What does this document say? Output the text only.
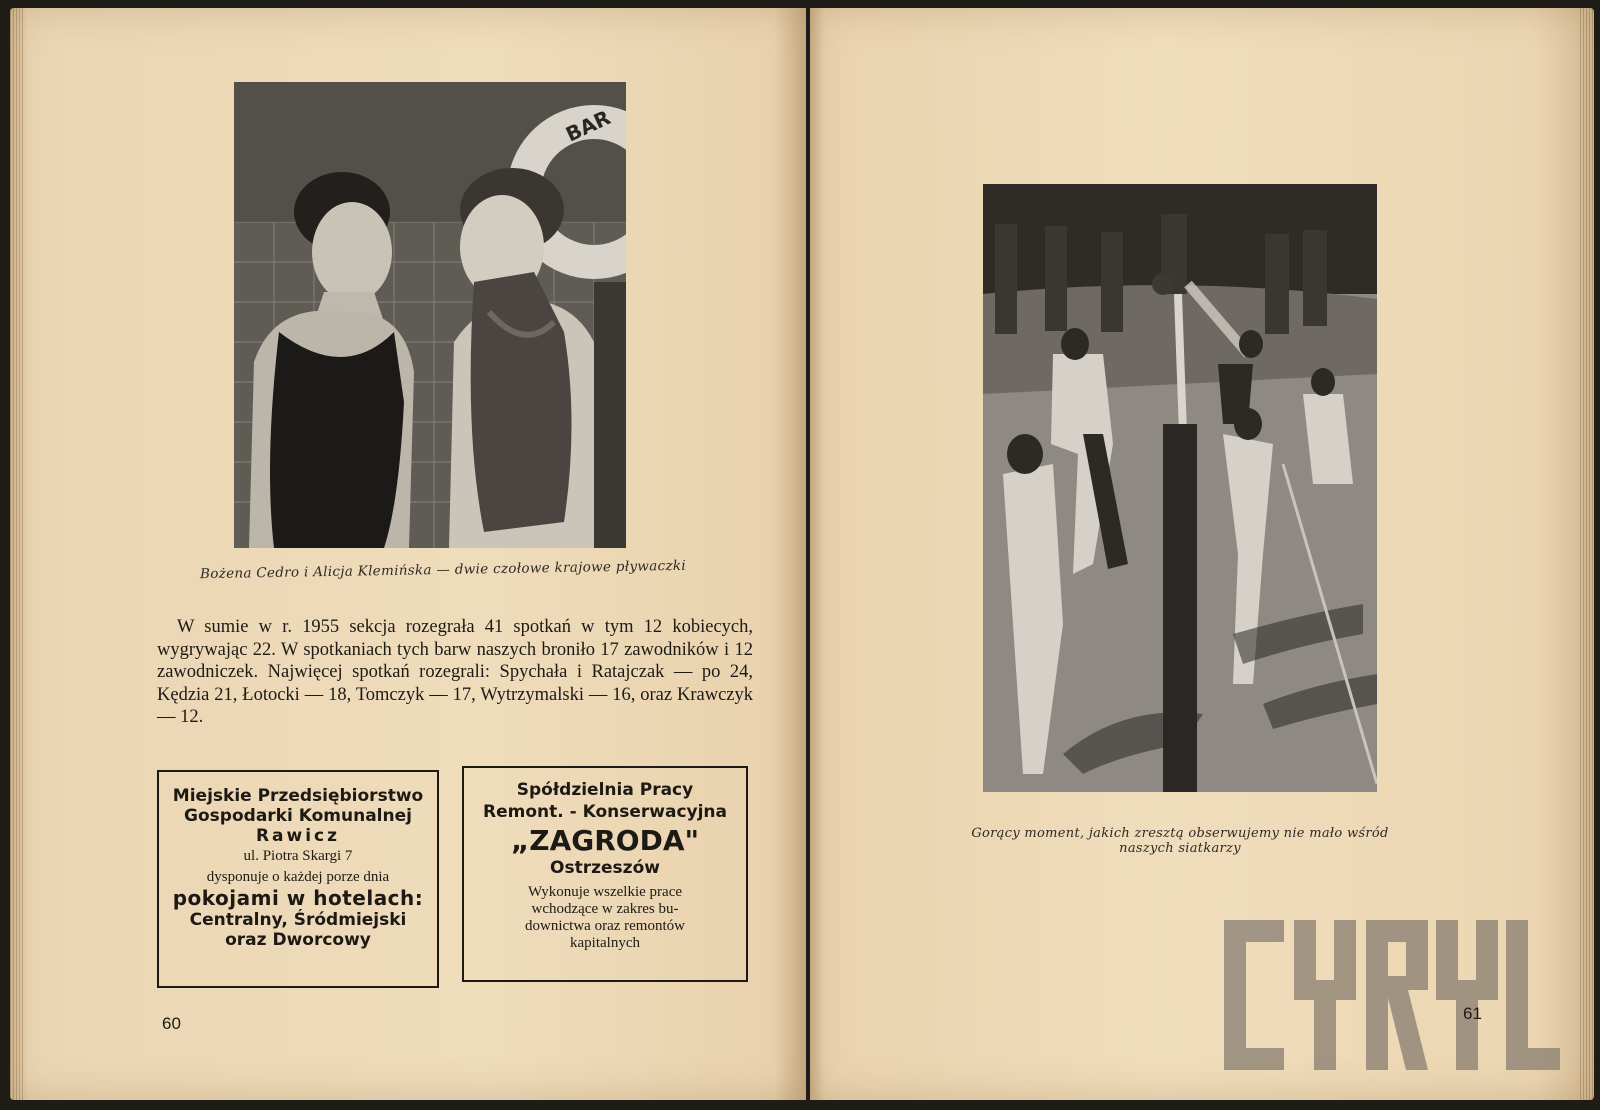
BAR
Bożena Cedro i Alicja Klemińska — dwie czołowe krajowe pływaczki

W sumie w r. 1955 sekcja rozegrała 41 spotkań w tym 12 kobiecych, wygrywając 22. W spotkaniach tych barw naszych broniło 17 zawodników i 12 zawodniczek. Najwięcej spotkań rozegrali: Spychała i Ratajczak — po 24, Kędzia 21, Łotocki — 18, Tomczyk — 17, Wytrzymalski — 16, oraz Krawczyk — 12.

Miejskie Przedsiębiorstwo
Gospodarki Komunalnej
Rawicz
ul. Piotra Skargi 7
dysponuje o każdej porze dnia
pokojami w hotelach:
Centralny, Śródmiejski
oraz Dworcowy
Spółdzielnia Pracy
Remont. - Konserwacyjna
„ZAGRODA"
Ostrzeszów
Wykonuje wszelkie prace
wchodzące w zakres bu-
downictwa oraz remontów
kapitalnych
60
Gorący moment, jakich zresztą obserwujemy nie mało wśród
naszych siatkarzy
61
